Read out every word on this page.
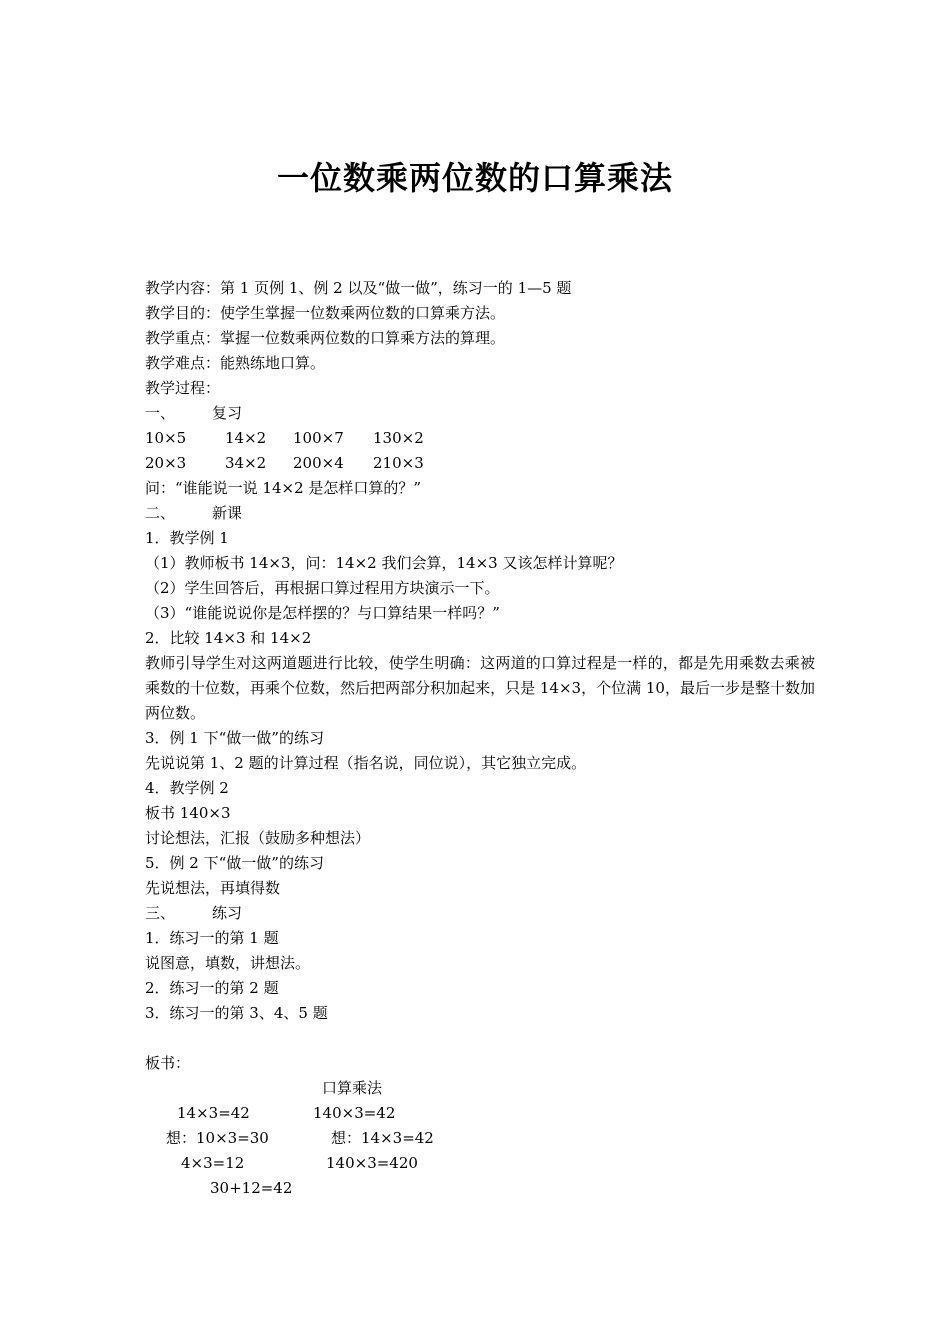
一位数乘两位数的口算乘法
教学内容：第 1 页例 1、例 2 以及“做一做”，练习一的 1—5 题
教学目的：使学生掌握一位数乘两位数的口算乘方法。
教学重点：掌握一位数乘两位数的口算乘方法的算理。
教学难点：能熟练地口算。
教学过程：
一、 复习
10×5	14×2	100×7	130×2
20×3	34×2	200×4	210×3
问：“谁能说一说 14×2 是怎样口算的？”
二、 新课
1．教学例 1
（1）教师板书 14×3，问：14×2 我们会算，14×3 又该怎样计算呢？
（2）学生回答后，再根据口算过程用方块演示一下。
（3）“谁能说说你是怎样摆的？与口算结果一样吗？”
2．比较 14×3 和 14×2
教师引导学生对这两道题进行比较，使学生明确：这两道的口算过程是一样的，都是先用乘数去乘被乘数的十位数，再乘个位数，然后把两部分积加起来，只是 14×3，个位满 10，最后一步是整十数加两位数。
3．例 1 下“做一做”的练习
先说说第 1、2 题的计算过程（指名说，同位说），其它独立完成。
4．教学例 2
板书 140×3
讨论想法，汇报（鼓励多种想法）
5．例 2 下“做一做”的练习
先说想法，再填得数
三、 练习
1．练习一的第 1 题
说图意，填数，讲想法。
2．练习一的第 2 题
3．练习一的第 3、4、5 题
板书：
口算乘法
14×3=42	140×3=42
想：10×3=30	想：14×3=42
4×3=12	140×3=420
30+12=42
